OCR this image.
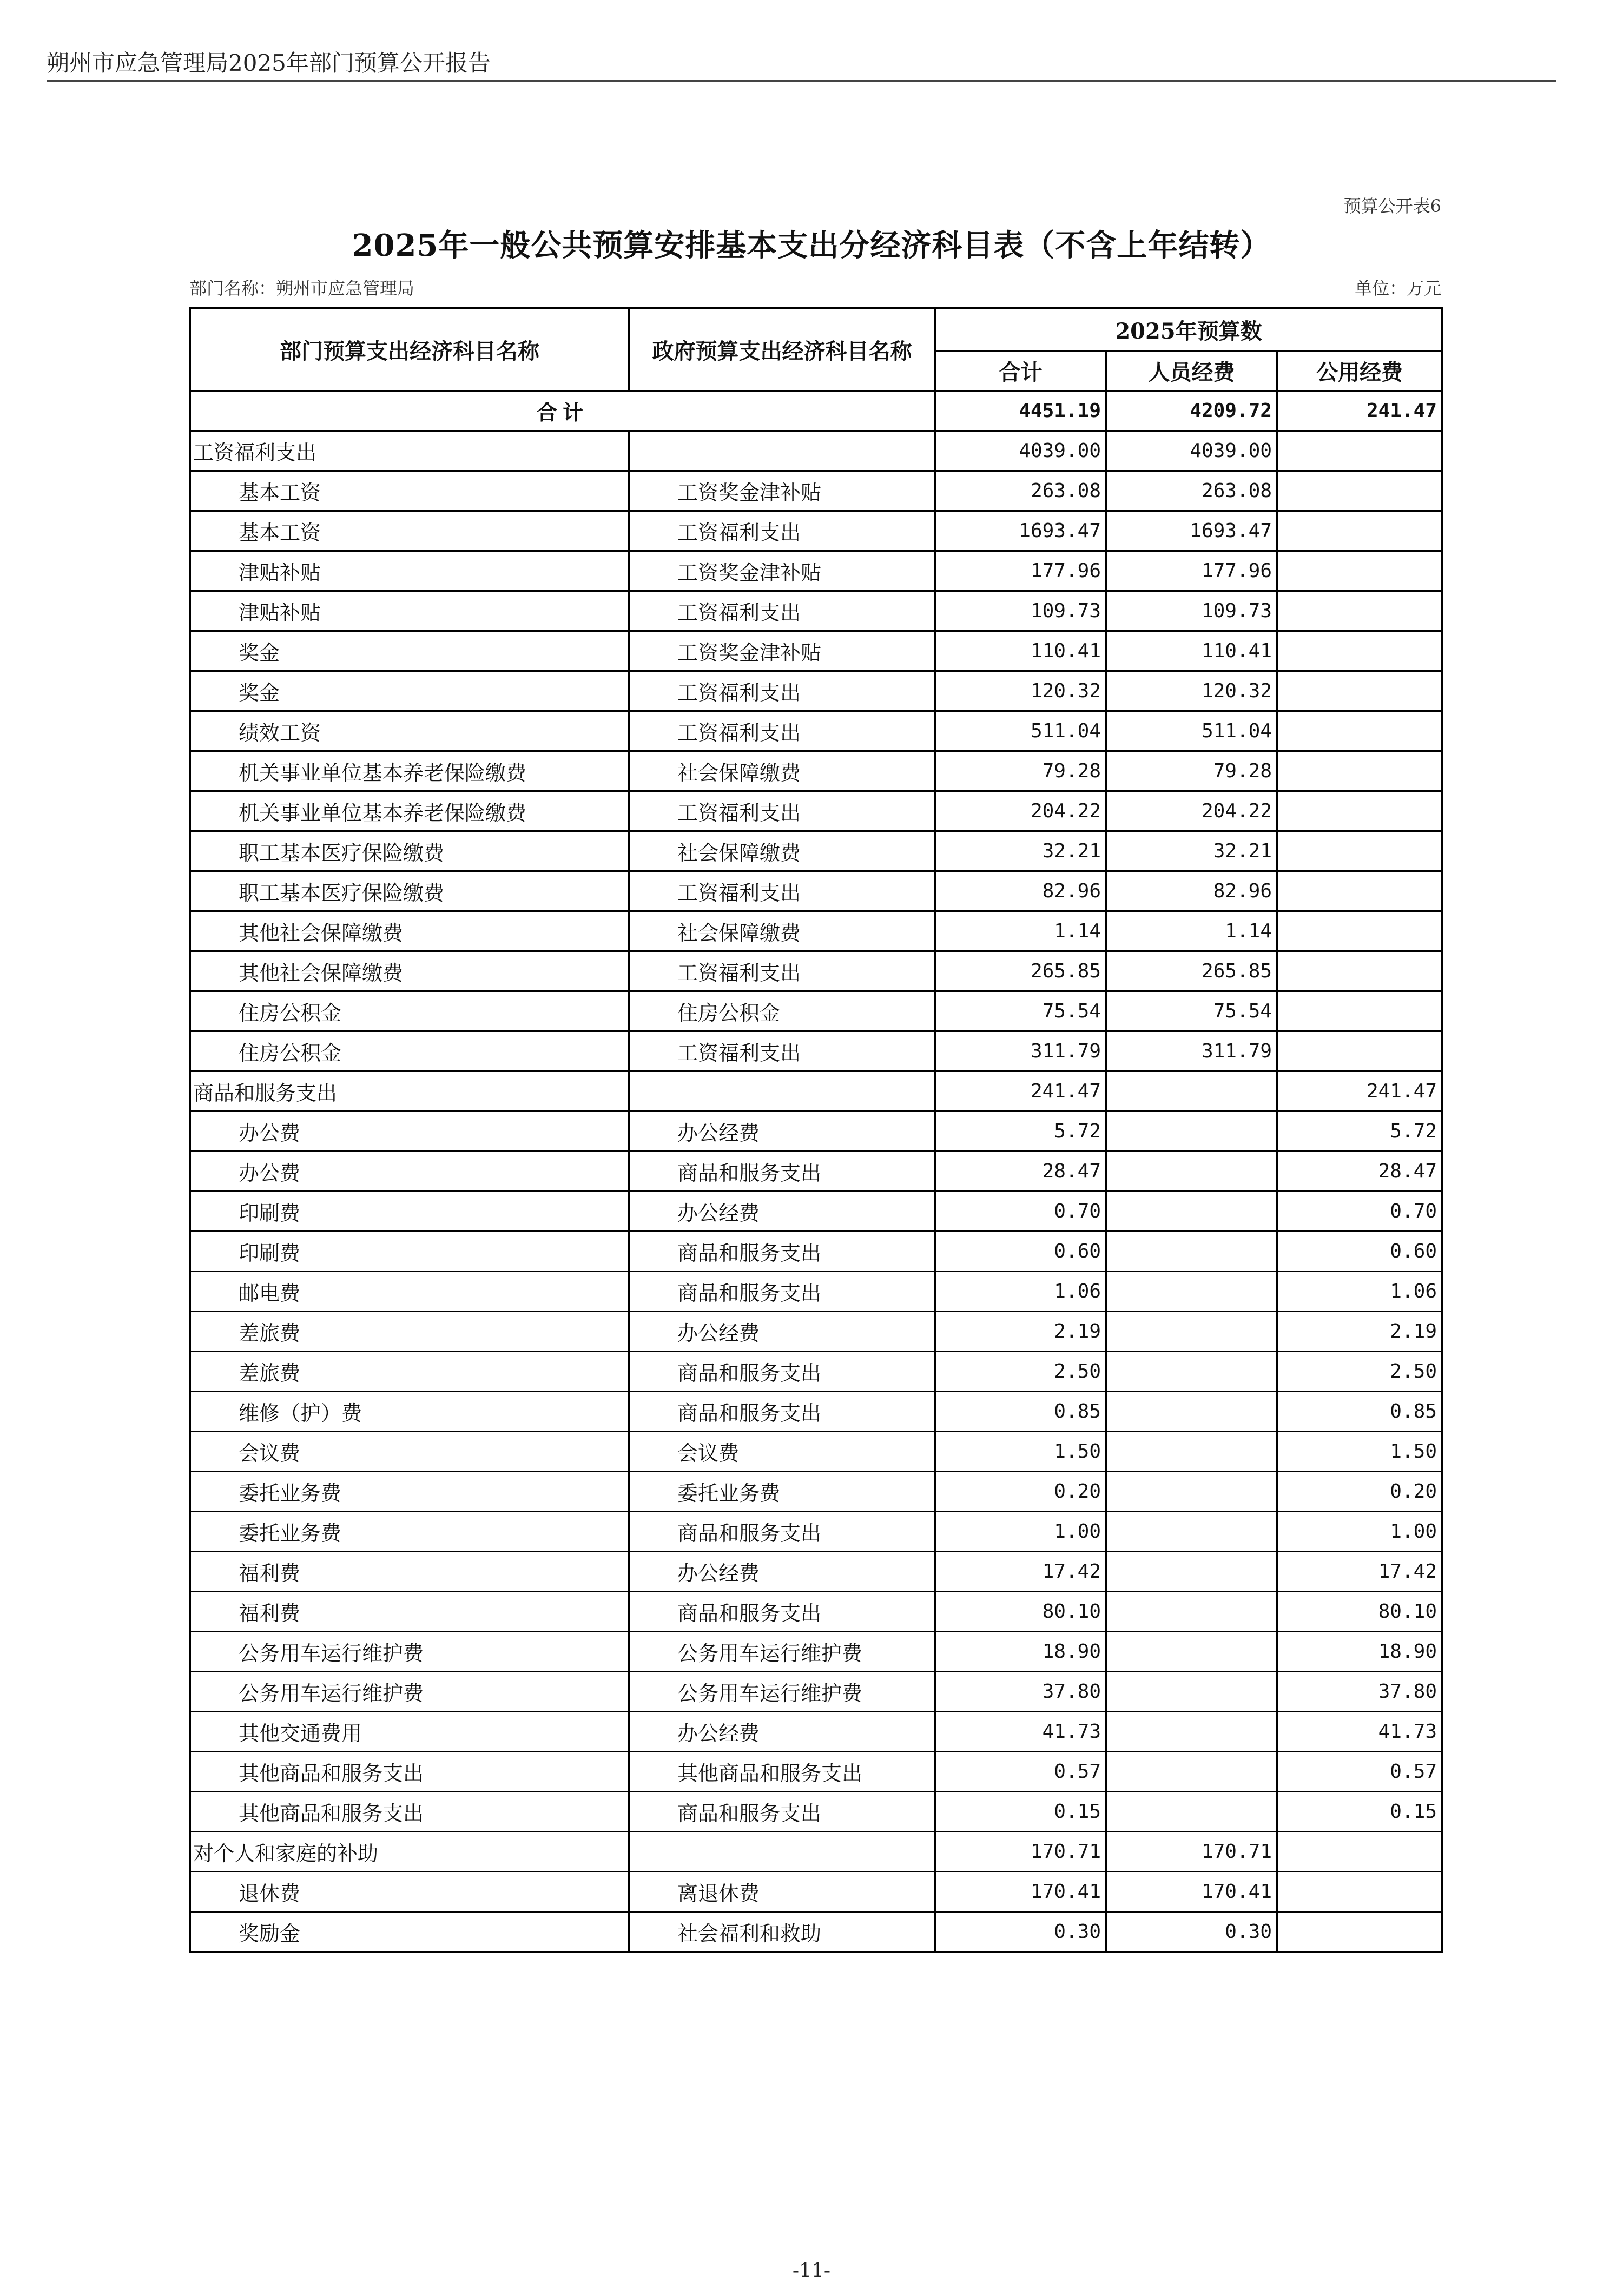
朔州市应急管理局2025年部门预算公开报告
预算公开表6
2025年一般公共预算安排基本支出分经济科目表（不含上年结转）
部门名称：朔州市应急管理局	单位：万元
部门预算支出经济科目名称	政府预算支出经济科目名称	2025年预算数		
		合计	人员经费	公用经费
合计		4451.19	4209.72	241.47
工资福利支出		4039.00	4039.00	
基本工资	工资奖金津补贴	263.08	263.08	
基本工资	工资福利支出	1693.47	1693.47	
津贴补贴	工资奖金津补贴	177.96	177.96	
津贴补贴	工资福利支出	109.73	109.73	
奖金	工资奖金津补贴	110.41	110.41	
奖金	工资福利支出	120.32	120.32	
绩效工资	工资福利支出	511.04	511.04	
机关事业单位基本养老保险缴费	社会保障缴费	79.28	79.28	
机关事业单位基本养老保险缴费	工资福利支出	204.22	204.22	
职工基本医疗保险缴费	社会保障缴费	32.21	32.21	
职工基本医疗保险缴费	工资福利支出	82.96	82.96	
其他社会保障缴费	社会保障缴费	1.14	1.14	
其他社会保障缴费	工资福利支出	265.85	265.85	
住房公积金	住房公积金	75.54	75.54	
住房公积金	工资福利支出	311.79	311.79	
商品和服务支出		241.47		241.47
办公费	办公经费	5.72		5.72
办公费	商品和服务支出	28.47		28.47
印刷费	办公经费	0.70		0.70
印刷费	商品和服务支出	0.60		0.60
邮电费	商品和服务支出	1.06		1.06
差旅费	办公经费	2.19		2.19
差旅费	商品和服务支出	2.50		2.50
维修（护）费	商品和服务支出	0.85		0.85
会议费	会议费	1.50		1.50
委托业务费	委托业务费	0.20		0.20
委托业务费	商品和服务支出	1.00		1.00
福利费	办公经费	17.42		17.42
福利费	商品和服务支出	80.10		80.10
公务用车运行维护费	公务用车运行维护费	18.90		18.90
公务用车运行维护费	公务用车运行维护费	37.80		37.80
其他交通费用	办公经费	41.73		41.73
其他商品和服务支出	其他商品和服务支出	0.57		0.57
其他商品和服务支出	商品和服务支出	0.15		0.15
对个人和家庭的补助		170.71	170.71	
退休费	离退休费	170.41	170.41	
奖励金	社会福利和救助	0.30	0.30	
-11-
